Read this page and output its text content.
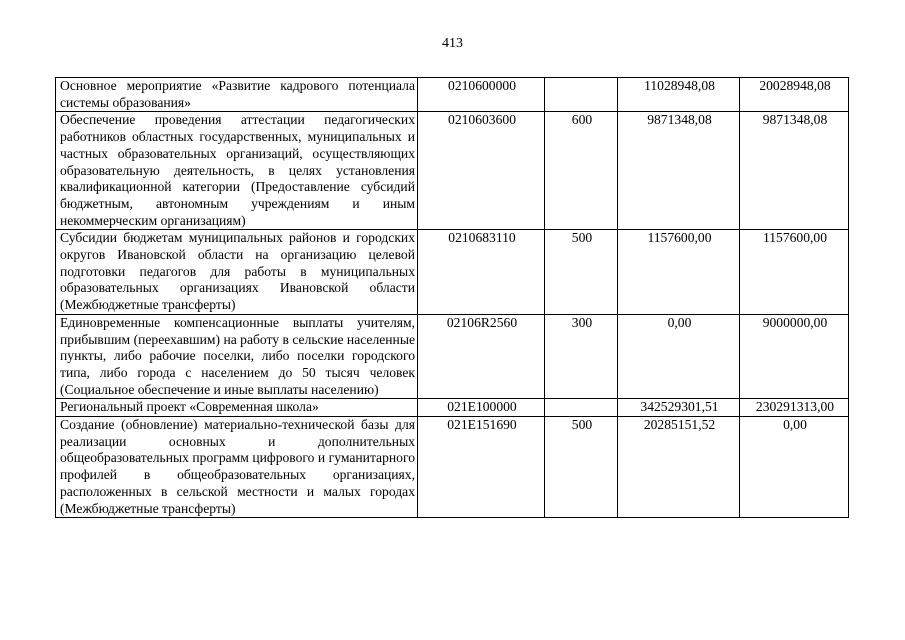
413
Основное мероприятие «Развитие кадрового потенциала системы образования»	0210600000		11028948,08	20028948,08

Обеспечение проведения аттестации педагогических работников областных государственных, муниципальных и частных образовательных организаций, осуществляющих образовательную деятельность, в целях установления квалификационной категории (Предоставление субсидий бюджетным, автономным учреждениям и иным некоммерческим организациям)	0210603600	600	9871348,08	9871348,08

Субсидии бюджетам муниципальных районов и городских округов Ивановской области на организацию целевой подготовки педагогов для работы в муниципальных образовательных организациях Ивановской области (Межбюджетные трансферты)	0210683110	500	1157600,00	1157600,00

Единовременные компенсационные выплаты учителям, прибывшим (переехавшим) на работу в сельские населенные пункты, либо рабочие поселки, либо поселки городского типа, либо города с населением до 50 тысяч человек (Социальное обеспечение и иные выплаты населению)	02106R2560	300	0,00	9000000,00

Региональный проект «Современная школа»	021E100000		342529301,51	230291313,00

Создание (обновление) материально-технической базы для реализации основных и дополнительных общеобразовательных программ цифрового и гуманитарного профилей в общеобразовательных организациях, расположенных в сельской местности и малых городах (Межбюджетные трансферты)	021E151690	500	20285151,52	0,00
